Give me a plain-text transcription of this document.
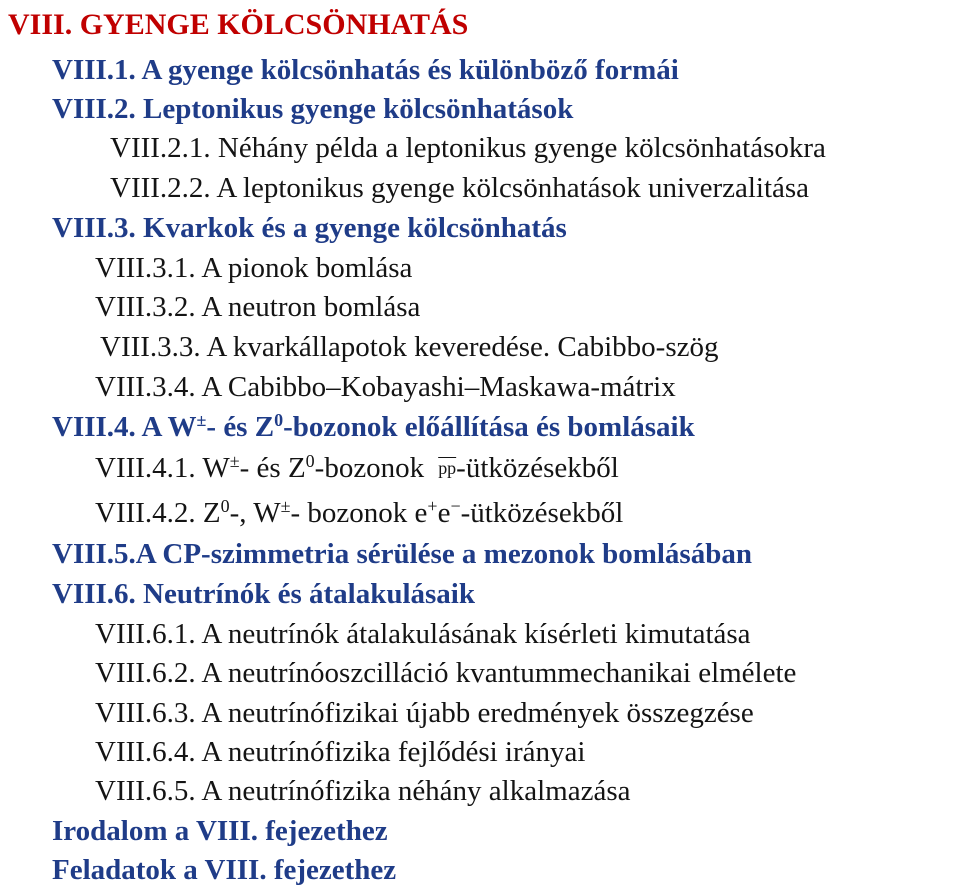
VIII. GYENGE KÖLCSÖNHATÁS
VIII.1. A gyenge kölcsönhatás és különböző formái
VIII.2. Leptonikus gyenge kölcsönhatások
VIII.2.1. Néhány példa a leptonikus gyenge kölcsönhatásokra
VIII.2.2. A leptonikus gyenge kölcsönhatások univerzalitása
VIII.3. Kvarkok és a gyenge kölcsönhatás
VIII.3.1. A pionok bomlása
VIII.3.2. A neutron bomlása
VIII.3.3. A kvarkállapotok keveredése. Cabibbo-szög
VIII.3.4. A Cabibbo–Kobayashi–Maskawa-mátrix
VIII.4. A W±- és $Z^0$-bozonok előállítása és bomlásaik
VIII.4.1. W±- és $Z^0$-bozonok $\overline{pp}$-ütközésekből
VIII.4.2. $Z^0-$, W±- bozonok e+e−-ütközésekből
VIII.5.A CP-szimmetria sérülése a mezonok bomlásában
VIII.6. Neutrínók és átalakulásaik
VIII.6.1. A neutrínók átalakulásának kísérleti kimutatása
VIII.6.2. A neutrínóoszcilláció kvantummechanikai elmélete
VIII.6.3. A neutrínófizikai újabb eredmények összegzése
VIII.6.4. A neutrínófizika fejlődési irányai
VIII.6.5. A neutrínófizika néhány alkalmazása
Irodalom a VIII. fejezethez
Feladatok a VIII. fejezethez
